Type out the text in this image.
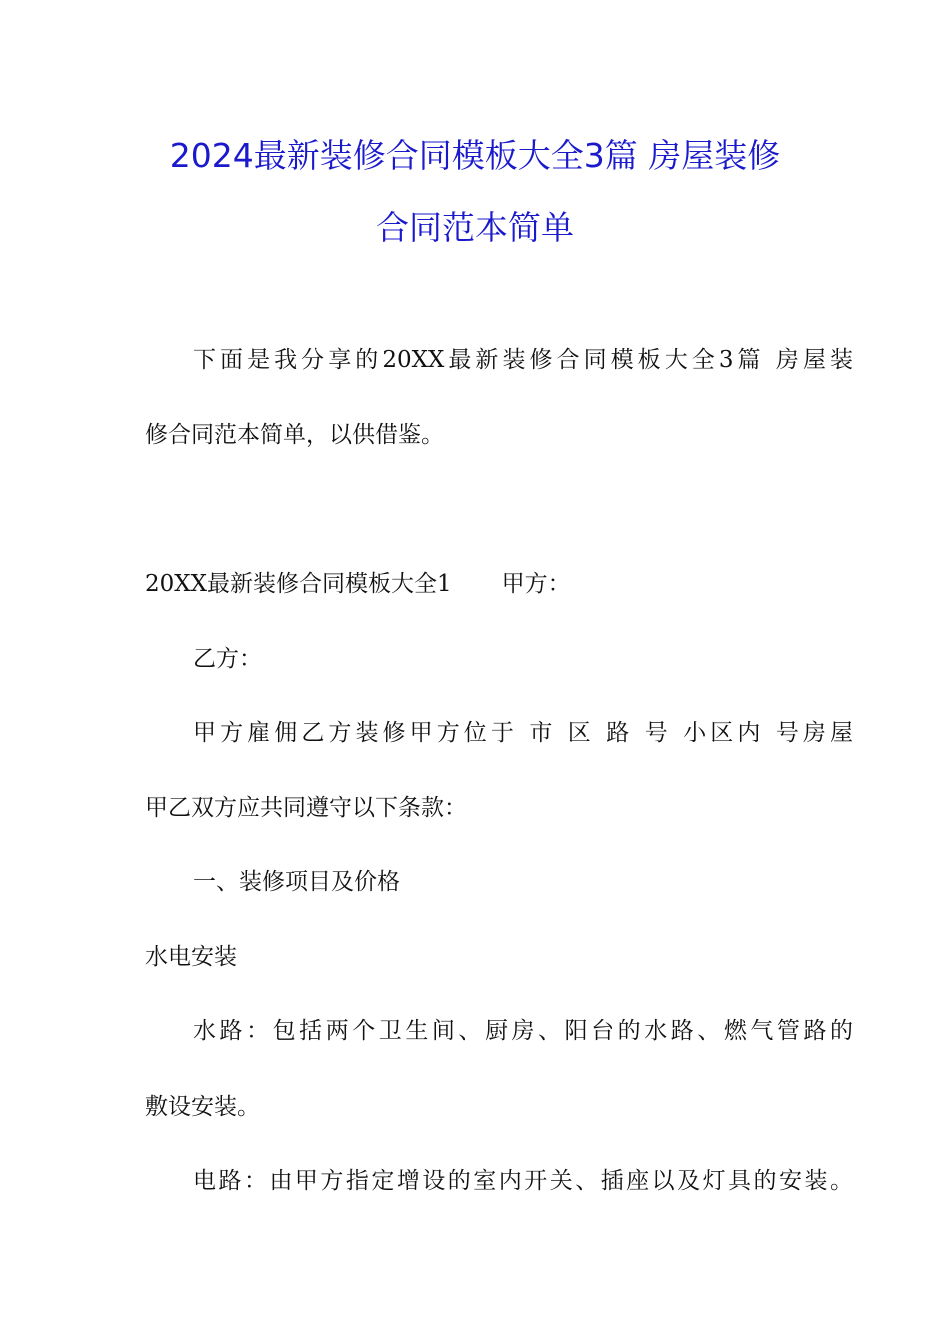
2024最新装修合同模板大全3篇 房屋装修
合同范本简单
下面是我分享的20XX最新装修合同模板大全3篇 房屋装
修合同范本简单，以供借鉴。
20XX最新装修合同模板大全1 甲方：
乙方：
甲方雇佣乙方装修甲方位于 市 区 路 号 小区内 号房屋
甲乙双方应共同遵守以下条款：
一、装修项目及价格
水电安装
水路：包括两个卫生间、厨房、阳台的水路、燃气管路的
敷设安装。
电路：由甲方指定增设的室内开关、插座以及灯具的安装。
